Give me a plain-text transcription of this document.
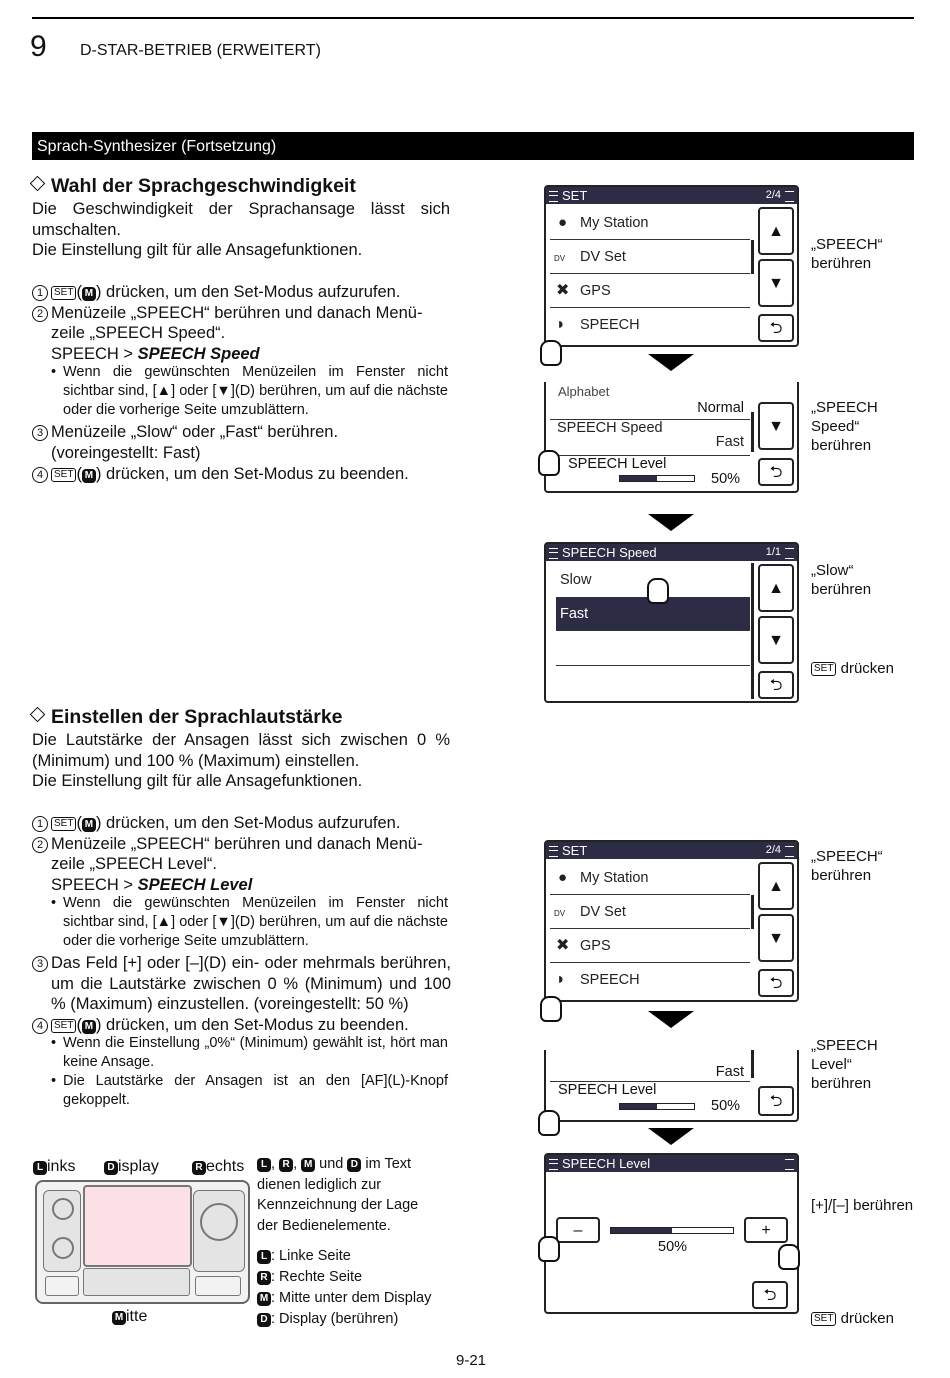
9 D-STAR-BETRIEB (ERWEITERT)
Sprach-Synthesizer (Fortsetzung)
Wahl der Sprachgeschwindigkeit
Die Geschwindigkeit der Sprachansage lässt sich umschalten.
Die Einstellung gilt für alle Ansagefunktionen.
1 SET ( M ) drücken, um den Set-Modus aufzurufen.
2 Menüzeile „SPEECH“ berühren und danach Menü-
zeile „SPEECH Speed“.
SPEECH > SPEECH Speed
• Wenn die gewünschten Menüzeilen im Fenster nicht sichtbar sind, [▲] oder [▼](D) berühren, um auf die nächste oder die vorherige Seite umzublättern.
3 Menüzeile „Slow“ oder „Fast“ berühren.
(voreingestellt: Fast)
4 SET ( M ) drücken, um den Set-Modus zu beenden.
Einstellen der Sprachlautstärke
Die Lautstärke der Ansagen lässt sich zwischen 0 % (Minimum) und 100 % (Maximum) einstellen.
Die Einstellung gilt für alle Ansagefunktionen.
1 SET ( M ) drücken, um den Set-Modus aufzurufen.
2 Menüzeile „SPEECH“ berühren und danach Menü-
zeile „SPEECH Level“.
SPEECH > SPEECH Level
• Wenn die gewünschten Menüzeilen im Fenster nicht sichtbar sind, [▲] oder [▼](D) berühren, um auf die nächste oder die vorherige Seite umzublättern.
3 Das Feld [+] oder [–](D) ein- oder mehrmals berühren, um die Lautstärke zwischen 0 % (Minimum) und 100 % (Maximum) einzustellen. (voreingestellt: 50 %)
4 SET ( M ) drücken, um den Set-Modus zu beenden.
• Wenn die Einstellung „0%“ (Minimum) gewählt ist, hört man keine Ansage.
• Die Lautstärke der Ansagen ist an den [AF](L)-Knopf gekoppelt.
L inks	D isplay	R echts
M itte
L , R , M und D im Text dienen lediglich zur Kennzeichnung der Lage der Bedienelemente.
L : Linke Seite
R : Rechte Seite
M : Mitte unter dem Display
D : Display (berühren)
SET	2/4
● My Station
DV DV Set
✖ GPS
◗ SPEECH
▲
▼
⮌
„SPEECH“
berühren
Alphabet
Normal
SPEECH Speed
Fast
SPEECH Level
50%
▼
⮌
„SPEECH
Speed“
berühren
SPEECH Speed	1/1
Slow
Fast
▲
▼
⮌
„Slow“
berühren
SET drücken
SET	2/4
● My Station
DV DV Set
✖ GPS
◗ SPEECH
▲
▼
⮌
„SPEECH“
berühren
Fast
SPEECH Level
50%	⮌
„SPEECH
Level“
berühren
SPEECH Level
–
50%
+
⮌
[+]/[–] berühren
SET drücken
9-21
